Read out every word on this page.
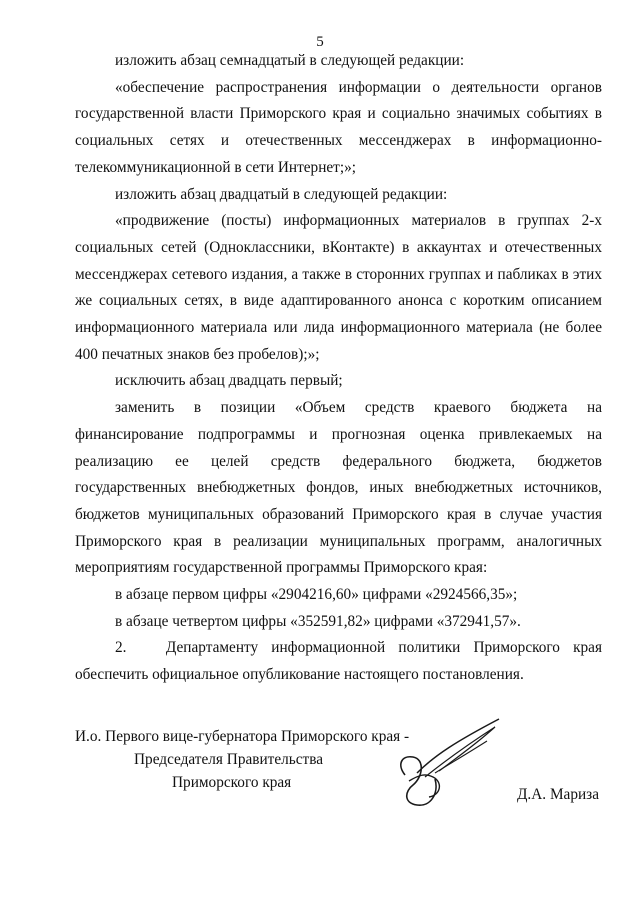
5

изложить абзац семнадцатый в следующей редакции:

«обеспечение распространения информации о деятельности органов государственной власти Приморского края и социально значимых событиях в социальных сетях и отечественных мессенджерах в информационно-телекоммуникационной в сети Интернет;»;

изложить абзац двадцатый в следующей редакции:

«продвижение (посты) информационных материалов в группах 2-х социальных сетей (Одноклассники, вКонтакте) в аккаунтах и отечественных мессенджерах сетевого издания, а также в сторонних группах и пабликах в этих же социальных сетях, в виде адаптированного анонса с коротким описанием информационного материала или лида информационного материала (не более 400 печатных знаков без пробелов);»;

исключить абзац двадцать первый;

заменить в позиции «Объем средств краевого бюджета на финансирование подпрограммы и прогнозная оценка привлекаемых на реализацию ее целей средств федерального бюджета, бюджетов государственных внебюджетных фондов, иных внебюджетных источников, бюджетов муниципальных образований Приморского края в случае участия Приморского края в реализации муниципальных программ, аналогичных мероприятиям государственной программы Приморского края:

в абзаце первом цифры «2904216,60» цифрами «2924566,35»;

в абзаце четвертом цифры «352591,82» цифрами «372941,57».

2.   Департаменту информационной политики Приморского края обеспечить официальное опубликование настоящего постановления.

И.о. Первого вице-губернатора Приморского края -
Председателя Правительства
Приморского края
Д.А. Мариза
